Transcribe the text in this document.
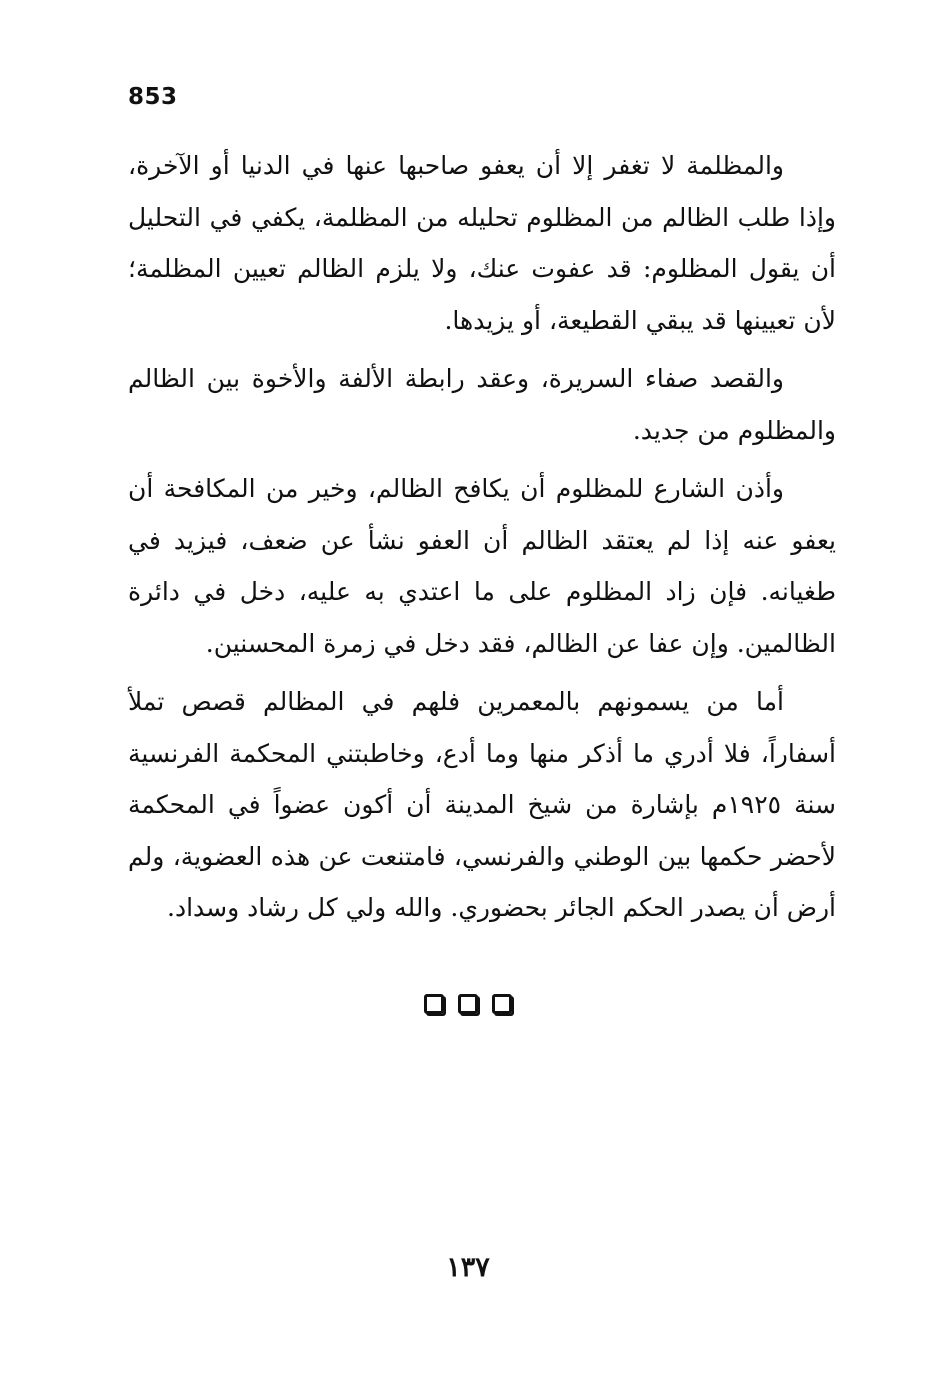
853

والمظلمة لا تغفر إلا أن يعفو صاحبها عنها في الدنيا أو الآخرة، وإذا طلب الظالم من المظلوم تحليله من المظلمة، يكفي في التحليل أن يقول المظلوم: قد عفوت عنك، ولا يلزم الظالم تعيين المظلمة؛ لأن تعيينها قد يبقي القطيعة، أو يزيدها.

والقصد صفاء السريرة، وعقد رابطة الألفة والأخوة بين الظالم والمظلوم من جديد.

وأذن الشارع للمظلوم أن يكافح الظالم، وخير من المكافحة أن يعفو عنه إذا لم يعتقد الظالم أن العفو نشأ عن ضعف، فيزيد في طغيانه. فإن زاد المظلوم على ما اعتدي به عليه، دخل في دائرة الظالمين. وإن عفا عن الظالم، فقد دخل في زمرة المحسنين.

أما من يسمونهم بالمعمرين فلهم في المظالم قصص تملأ أسفاراً، فلا أدري ما أذكر منها وما أدع، وخاطبتني المحكمة الفرنسية سنة ١٩٢٥م بإشارة من شيخ المدينة أن أكون عضواً في المحكمة لأحضر حكمها بين الوطني والفرنسي، فامتنعت عن هذه العضوية، ولم أرض أن يصدر الحكم الجائر بحضوري. والله ولي كل رشاد وسداد.

١٣٧
